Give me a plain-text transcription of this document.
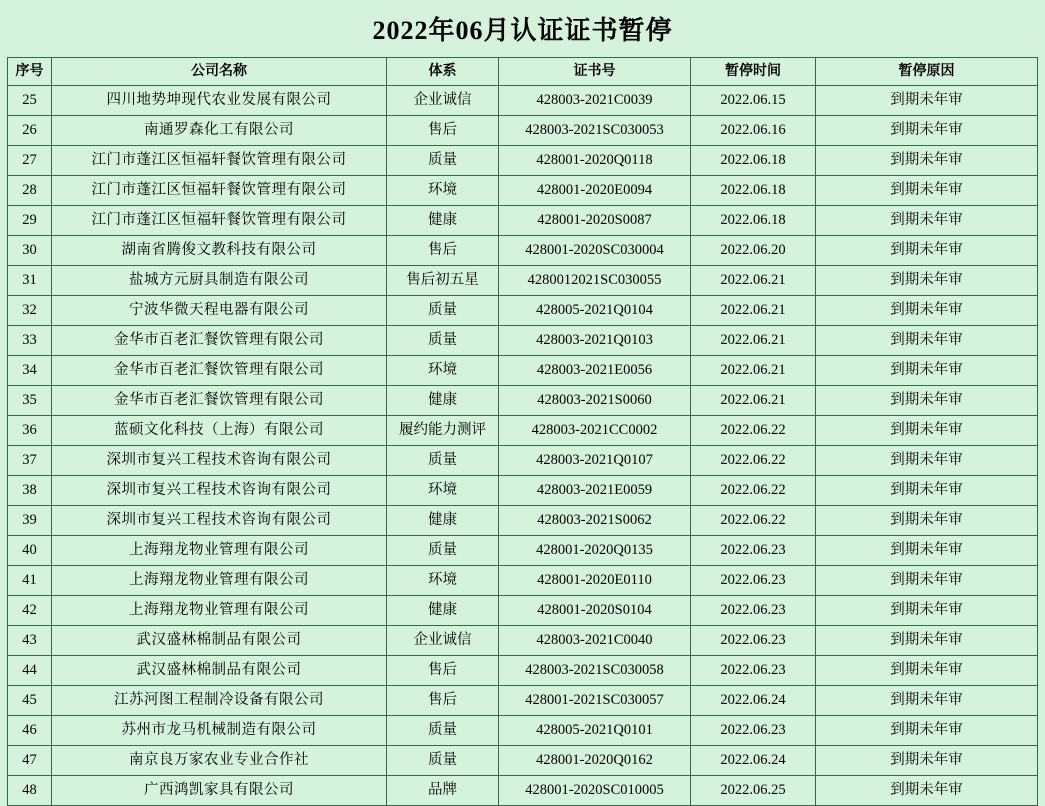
2022年06月认证证书暂停
序号	公司名称	体系	证书号	暂停时间	暂停原因
25	四川地势坤现代农业发展有限公司	企业诚信	428003-2021C0039	2022.06.15	到期未年审
26	南通罗森化工有限公司	售后	428003-2021SC030053	2022.06.16	到期未年审
27	江门市蓬江区恒福轩餐饮管理有限公司	质量	428001-2020Q0118	2022.06.18	到期未年审
28	江门市蓬江区恒福轩餐饮管理有限公司	环境	428001-2020E0094	2022.06.18	到期未年审
29	江门市蓬江区恒福轩餐饮管理有限公司	健康	428001-2020S0087	2022.06.18	到期未年审
30	湖南省腾俊文教科技有限公司	售后	428001-2020SC030004	2022.06.20	到期未年审
31	盐城方元厨具制造有限公司	售后初五星	4280012021SC030055	2022.06.21	到期未年审
32	宁波华微天程电器有限公司	质量	428005-2021Q0104	2022.06.21	到期未年审
33	金华市百老汇餐饮管理有限公司	质量	428003-2021Q0103	2022.06.21	到期未年审
34	金华市百老汇餐饮管理有限公司	环境	428003-2021E0056	2022.06.21	到期未年审
35	金华市百老汇餐饮管理有限公司	健康	428003-2021S0060	2022.06.21	到期未年审
36	蓝硕文化科技（上海）有限公司	履约能力测评	428003-2021CC0002	2022.06.22	到期未年审
37	深圳市复兴工程技术咨询有限公司	质量	428003-2021Q0107	2022.06.22	到期未年审
38	深圳市复兴工程技术咨询有限公司	环境	428003-2021E0059	2022.06.22	到期未年审
39	深圳市复兴工程技术咨询有限公司	健康	428003-2021S0062	2022.06.22	到期未年审
40	上海翔龙物业管理有限公司	质量	428001-2020Q0135	2022.06.23	到期未年审
41	上海翔龙物业管理有限公司	环境	428001-2020E0110	2022.06.23	到期未年审
42	上海翔龙物业管理有限公司	健康	428001-2020S0104	2022.06.23	到期未年审
43	武汉盛林棉制品有限公司	企业诚信	428003-2021C0040	2022.06.23	到期未年审
44	武汉盛林棉制品有限公司	售后	428003-2021SC030058	2022.06.23	到期未年审
45	江苏河图工程制冷设备有限公司	售后	428001-2021SC030057	2022.06.24	到期未年审
46	苏州市龙马机械制造有限公司	质量	428005-2021Q0101	2022.06.23	到期未年审
47	南京良万家农业专业合作社	质量	428001-2020Q0162	2022.06.24	到期未年审
48	广西鸿凯家具有限公司	品牌	428001-2020SC010005	2022.06.25	到期未年审
